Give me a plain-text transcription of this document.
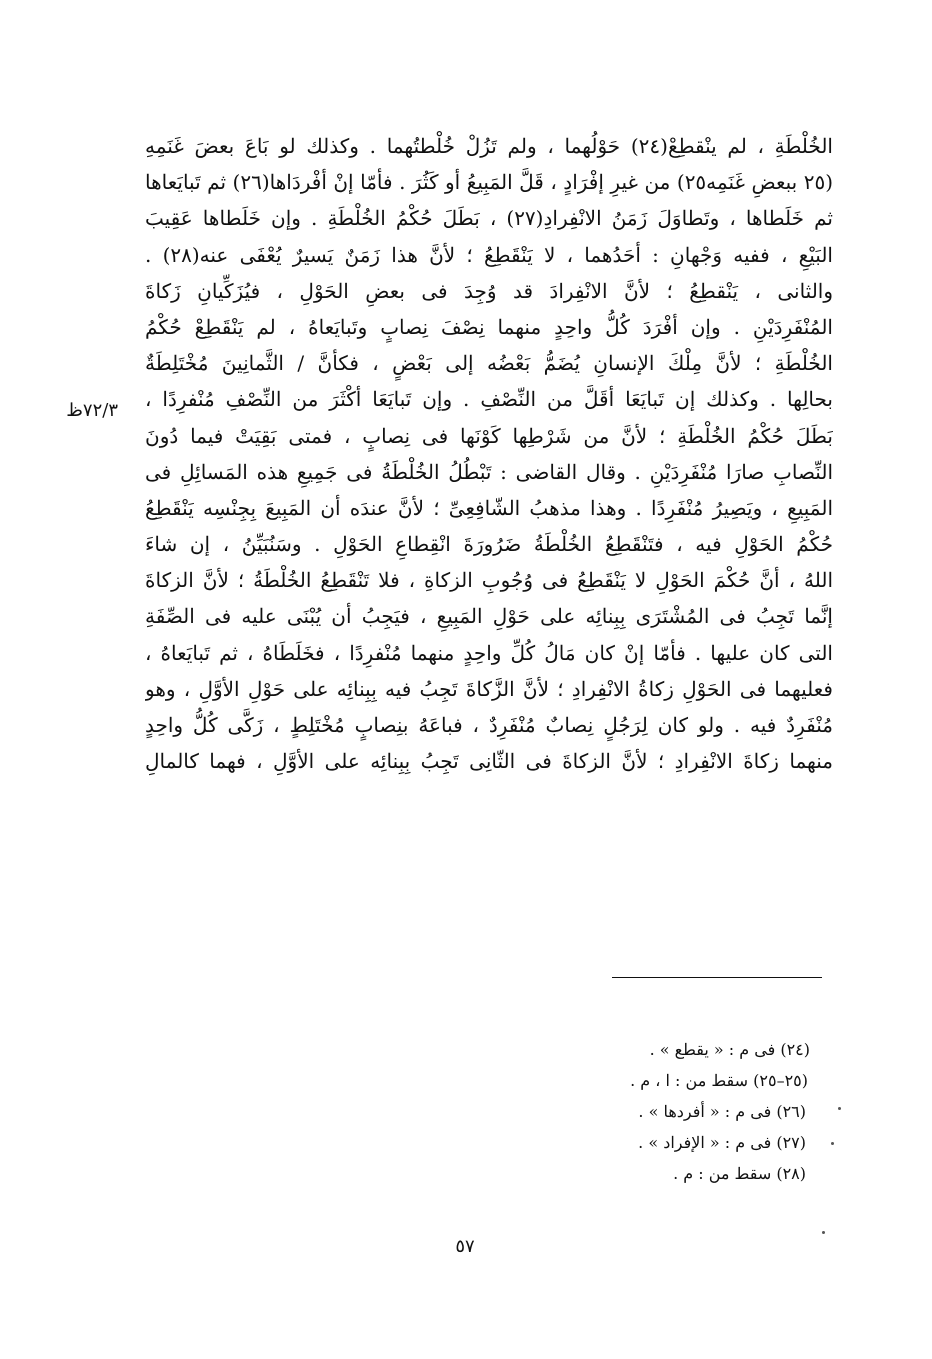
الخُلْطَةِ ، لم ينْقطِعْ(٢٤) حَوْلُهما ، ولم تَزُلْ خُلْطتُهما . وكذلك لو بَاعَ بعضَ غَنَمِهِ
(٢٥ ببعضِ غَنَمِه٢٥) من غيرِ إفْرَادٍ ، قَلَّ المَبِيعُ أو كَثُرَ . فأمّا إنْ أفْردَاها(٢٦) ثم تَبايَعاها
ثم خَلَطاها ، وتَطاوَلَ زَمَنُ الانْفِرادِ(٢٧) ، بَطَلَ حُكْمُ الخُلْطَةِ . وإن خَلَطاها عَقِيبَ
البَيْعِ ، ففيه وَجْهانِ : أحَدُهما ، لا يَنْقَطِعُ ؛ لأنَّ هذا زَمَنٌ يَسيرٌ يُعْفَى عنه(٢٨) .
والثانى ، يَنْقطِعُ ؛ لأنَّ الانْفِرادَ قد وُجِدَ فى بعضِ الحَوْلِ ، فيُزَكِّيانِ زَكاةَ
المُنْفَرِدَيْنِ . وإن أفْرَدَ كُلُّ واحِدٍ منهما نِصْفَ نِصابٍ وتَبايَعاهُ ، لم يَنْقَطِعْ حُكْمُ
الخُلْطَةِ ؛ لأنَّ مِلْكَ الإنسانِ يُضَمُّ بَعْضُه إلى بَعْضٍ ، فكأنَّ / الثَّمانِينَ مُخْتَلِطَةٌ
بحالِها . وكذلك إن تَبايَعَا أقَلَّ من النِّصْفِ . وإن تَبايَعَا أكْثَرَ من النِّصْفِ مُنْفرِدًا ،
بَطَلَ حُكْمُ الخُلْطَةِ ؛ لأنَّ من شَرْطِها كَوْنَها فى نِصابٍ ، فمتى بَقِيَتْ فيما دُونَ
النِّصابِ صارَا مُنْفَرِدَيْنِ . وقال القاضى : تَبْطُلُ الخُلْطَةُ فى جَمِيعِ هذه المَسائِلِ فى
المَبِيعِ ، ويَصِيرُ مُنْفَرِدًا . وهذا مذهبُ الشّافِعِىِّ ؛ لأنَّ عندَه أن المَبِيعَ بِجِنْسِه يَنْقَطِعُ
حُكْمُ الحَوْلِ فيه ، فتَنْقَطِعُ الخُلْطَةُ ضَرُورَةَ انْقِطاعِ الحَوْلِ . وسَنُبَيِّنُ ، إن شاءَ
اللهُ ، أنَّ حُكْمَ الحَوْلِ لا يَنْقَطِعُ فى وُجُوبِ الزكاةِ ، فلا تَنْقَطِعُ الخُلْطَةُ ؛ لأنَّ الزكاةَ
إنَّما تَجِبُ فى المُشْتَرَى بِبِنائِه على حَوْلِ المَبِيعِ ، فيَجِبُ أن يُبْنَى عليه فى الصِّفَةِ
التى كان عليها . فأمّا إنْ كان مَالُ كُلِّ واحِدٍ منهما مُنْفرِدًا ، فخَلَطَاهُ ، ثم تَبايَعاهُ ،
فعليهما فى الحَوْلِ زكاةُ الانْفِرادِ ؛ لأنَّ الزَّكاةَ تَجِبُ فيه بِبِنائِه على حَوْلِ الأوَّلِ ، وهو
مُنْفَرِدٌ فيه . ولو كان لِرَجُلٍ نِصابٌ مُنْفَرِدٌ ، فباعَهُ بنِصابٍ مُخْتَلِطٍ ، زَكَّى كُلُّ واحِدٍ
منهما زكاةَ الانْفِرادِ ؛ لأنَّ الزكاةَ فى الثّانِى تَجِبُ بِبِنائِه على الأوَّلِ ، فهما كالمالِ
٧٢/٣ظ
(٢٤) فى م : « يقطع » .
(٢٥–٢٥) سقط من : ا ، م .
(٢٦) فى م : « أفردها » .
(٢٧) فى م : « الإفراد » .
(٢٨) سقط من : م .
٥٧
